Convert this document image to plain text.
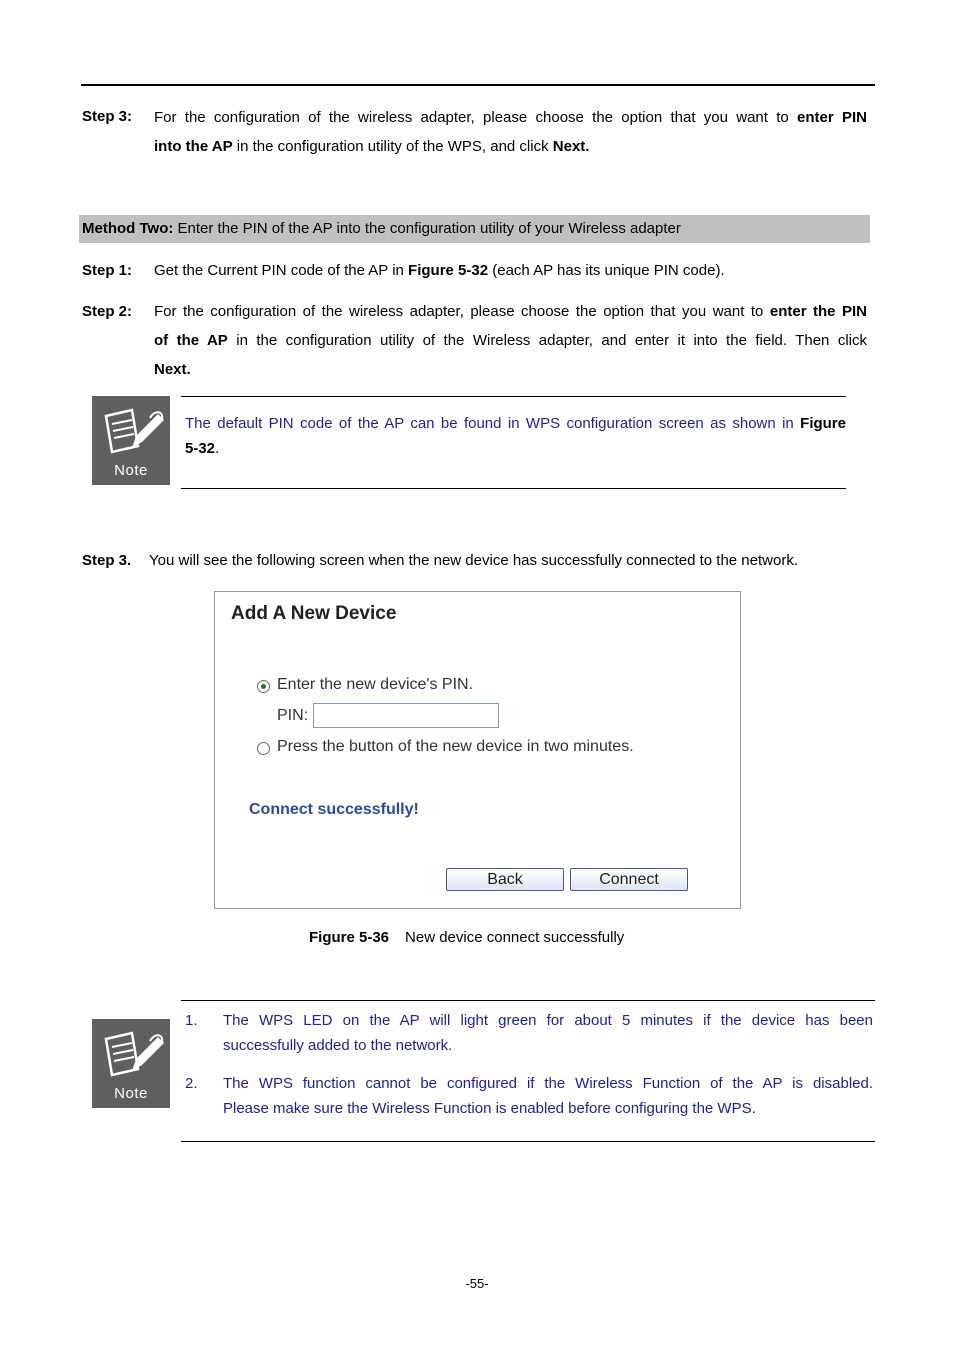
Step 3: For the configuration of the wireless adapter, please choose the option that you want to enter PIN
into the AP in the configuration utility of the WPS, and click Next.
Method Two: Enter the PIN of the AP into the configuration utility of your Wireless adapter
Step 1: Get the Current PIN code of the AP in Figure 5-32 (each AP has its unique PIN code).
Step 2: For the configuration of the wireless adapter, please choose the option that you want to enter the PIN
of the AP in the configuration utility of the Wireless adapter, and enter it into the field. Then click
Next.
Note
The default PIN code of the AP can be found in WPS configuration screen as shown in Figure
5-32.
Step 3. You will see the following screen when the new device has successfully connected to the network.
Add A New Device
Enter the new device's PIN.
PIN:
Press the button of the new device in two minutes.
Connect successfully!
Back	Connect
Figure 5-36 New device connect successfully
Note
1.	The WPS LED on the AP will light green for about 5 minutes if the device has been
successfully added to the network.
2.	The WPS function cannot be configured if the Wireless Function of the AP is disabled.
Please make sure the Wireless Function is enabled before configuring the WPS.
-55-
